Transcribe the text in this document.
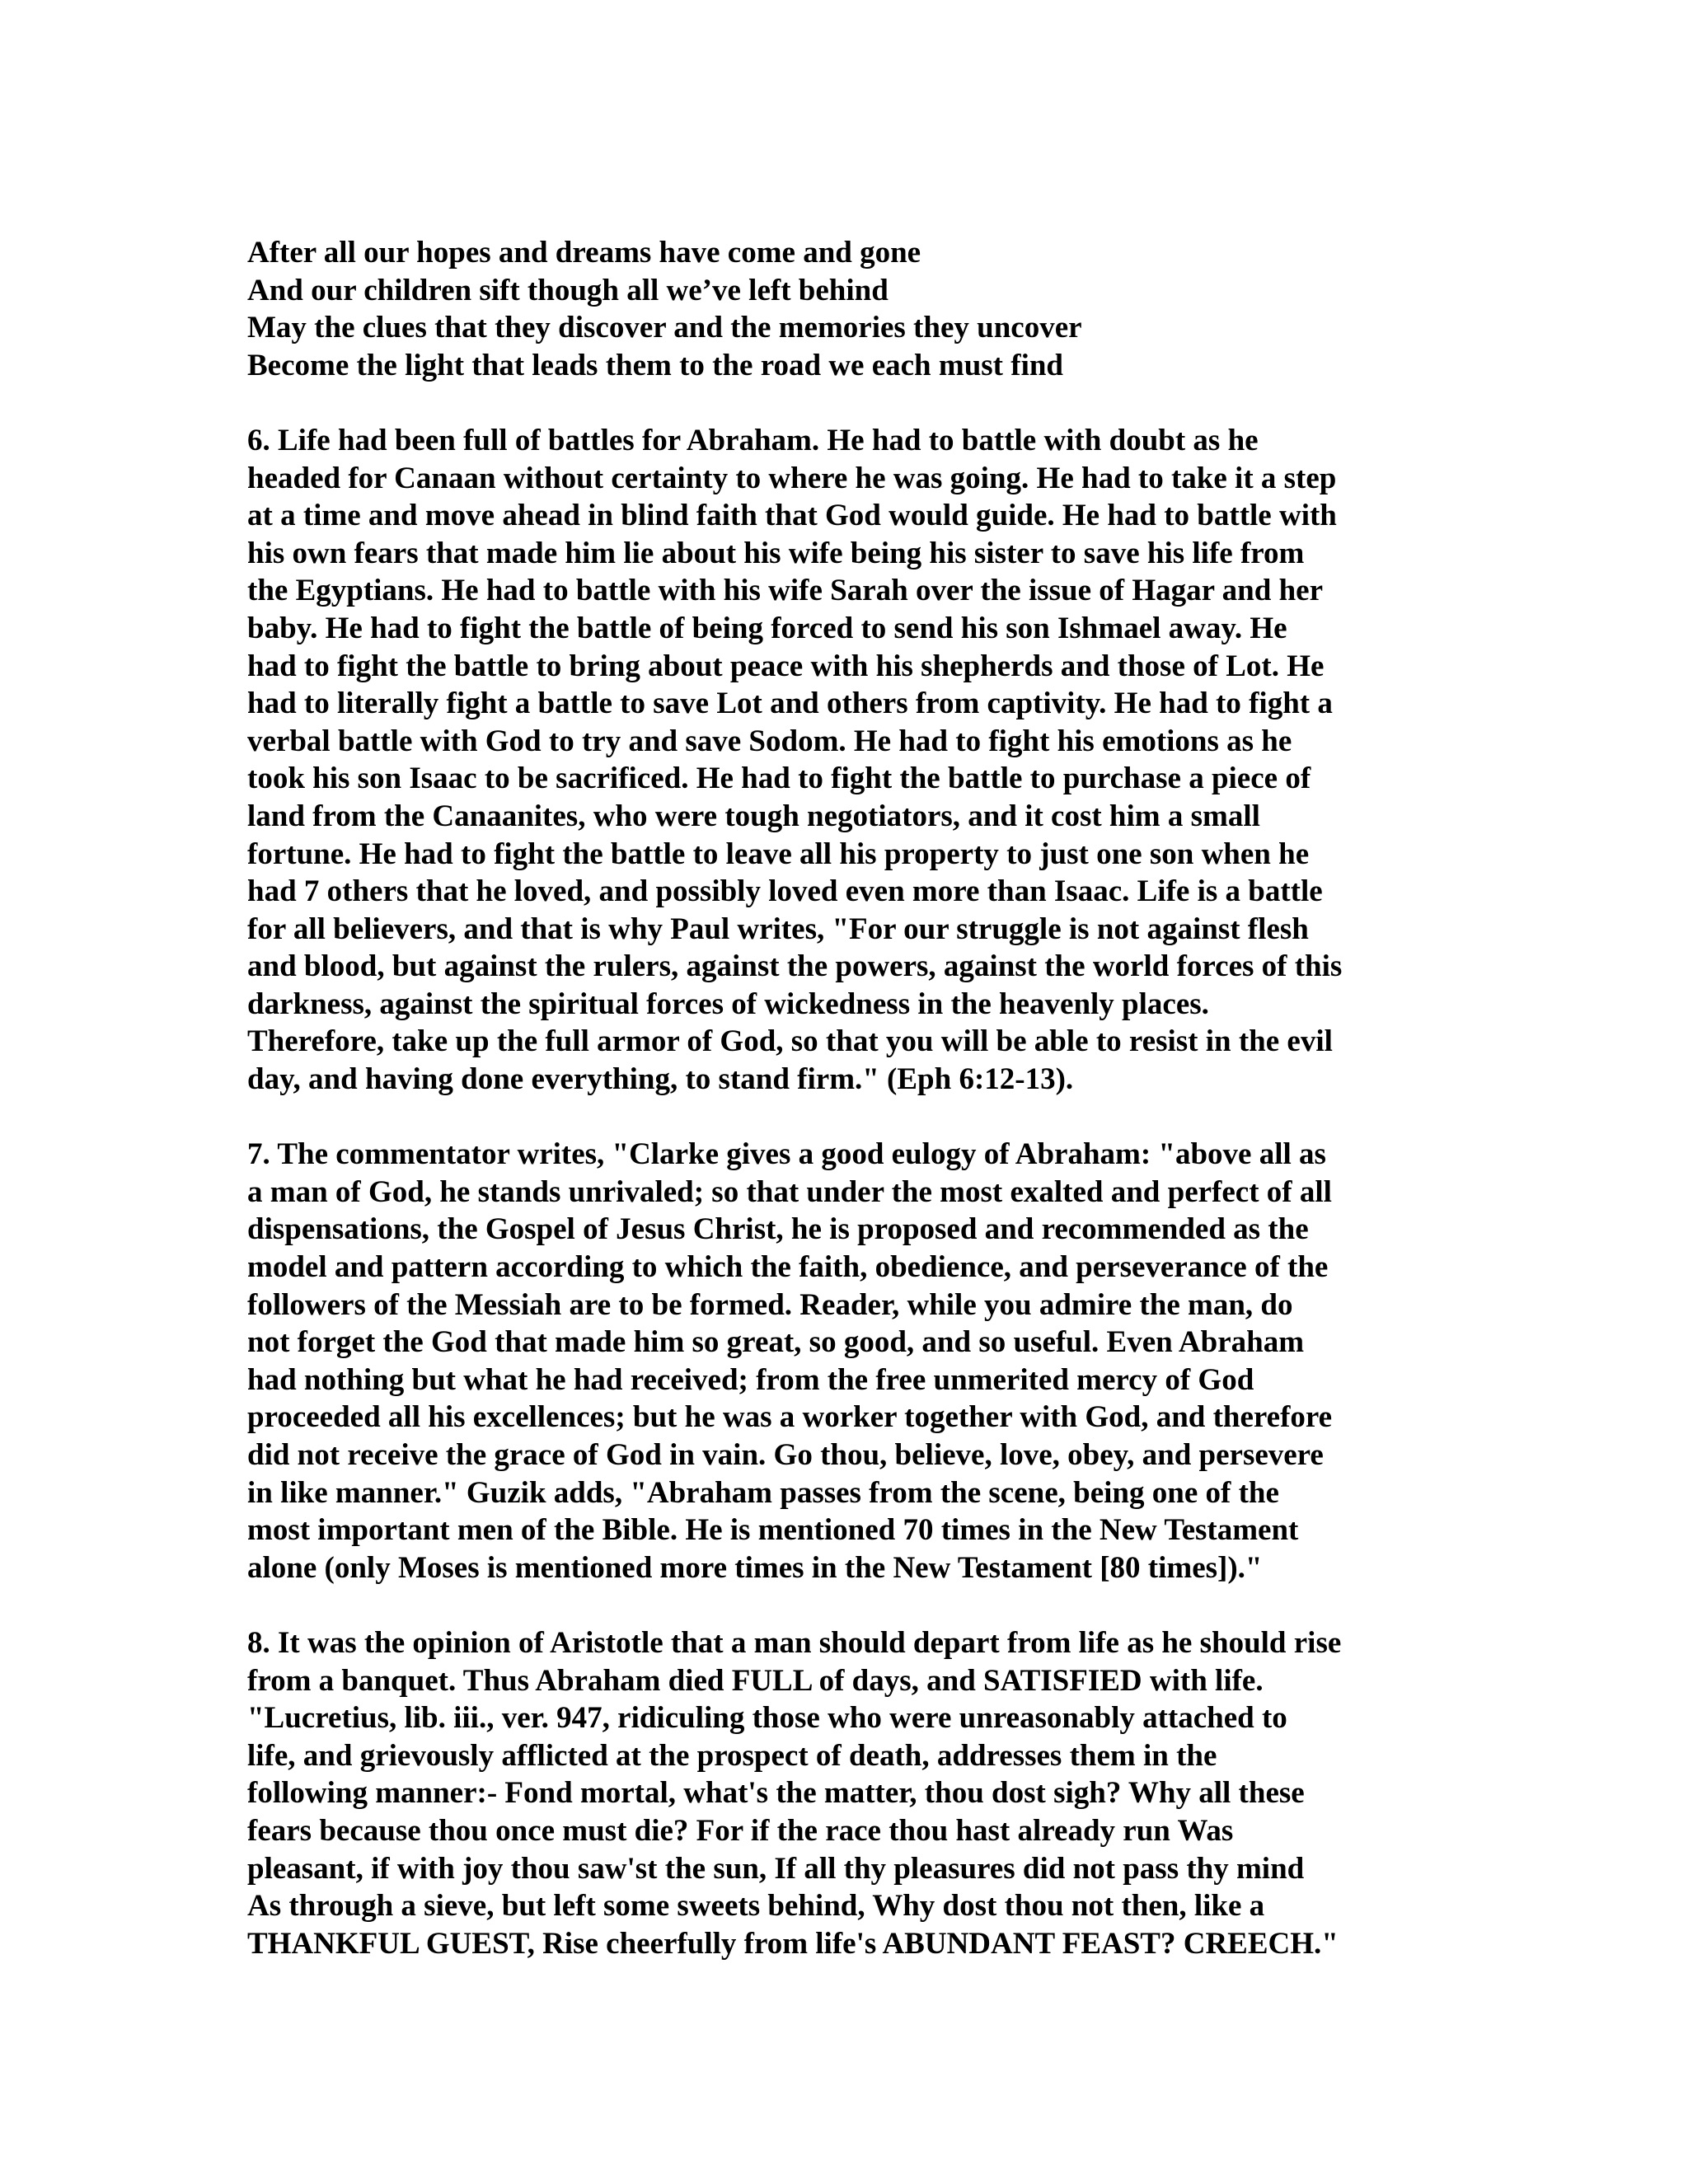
After all our hopes and dreams have come and gone
And our children sift though all we’ve left behind
May the clues that they discover and the memories they uncover
Become the light that leads them to the road we each must find
6. Life had been full of battles for Abraham. He had to battle with doubt as he
headed for Canaan without certainty to where he was going. He had to take it a step
at a time and move ahead in blind faith that God would guide. He had to battle with
his own fears that made him lie about his wife being his sister to save his life from
the Egyptians. He had to battle with his wife Sarah over the issue of Hagar and her
baby. He had to fight the battle of being forced to send his son Ishmael away. He
had to fight the battle to bring about peace with his shepherds and those of Lot. He
had to literally fight a battle to save Lot and others from captivity. He had to fight a
verbal battle with God to try and save Sodom. He had to fight his emotions as he
took his son Isaac to be sacrificed. He had to fight the battle to purchase a piece of
land from the Canaanites, who were tough negotiators, and it cost him a small
fortune. He had to fight the battle to leave all his property to just one son when he
had 7 others that he loved, and possibly loved even more than Isaac. Life is a battle
for all believers, and that is why Paul writes, "For our struggle is not against flesh
and blood, but against the rulers, against the powers, against the world forces of this
darkness, against the spiritual forces of wickedness in the heavenly places.
Therefore, take up the full armor of God, so that you will be able to resist in the evil
day, and having done everything, to stand firm." (Eph 6:12-13).
7. The commentator writes, "Clarke gives a good eulogy of Abraham: "above all as
a man of God, he stands unrivaled; so that under the most exalted and perfect of all
dispensations, the Gospel of Jesus Christ, he is proposed and recommended as the
model and pattern according to which the faith, obedience, and perseverance of the
followers of the Messiah are to be formed. Reader, while you admire the man, do
not forget the God that made him so great, so good, and so useful. Even Abraham
had nothing but what he had received; from the free unmerited mercy of God
proceeded all his excellences; but he was a worker together with God, and therefore
did not receive the grace of God in vain. Go thou, believe, love, obey, and persevere
in like manner." Guzik adds, "Abraham passes from the scene, being one of the
most important men of the Bible. He is mentioned 70 times in the New Testament
alone (only Moses is mentioned more times in the New Testament [80 times])."
8. It was the opinion of Aristotle that a man should depart from life as he should rise
from a banquet. Thus Abraham died FULL of days, and SATISFIED with life.
"Lucretius, lib. iii., ver. 947, ridiculing those who were unreasonably attached to
life, and grievously afflicted at the prospect of death, addresses them in the
following manner:- Fond mortal, what's the matter, thou dost sigh? Why all these
fears because thou once must die? For if the race thou hast already run Was
pleasant, if with joy thou saw'st the sun, If all thy pleasures did not pass thy mind
As through a sieve, but left some sweets behind, Why dost thou not then, like a
THANKFUL GUEST, Rise cheerfully from life's ABUNDANT FEAST? CREECH."
